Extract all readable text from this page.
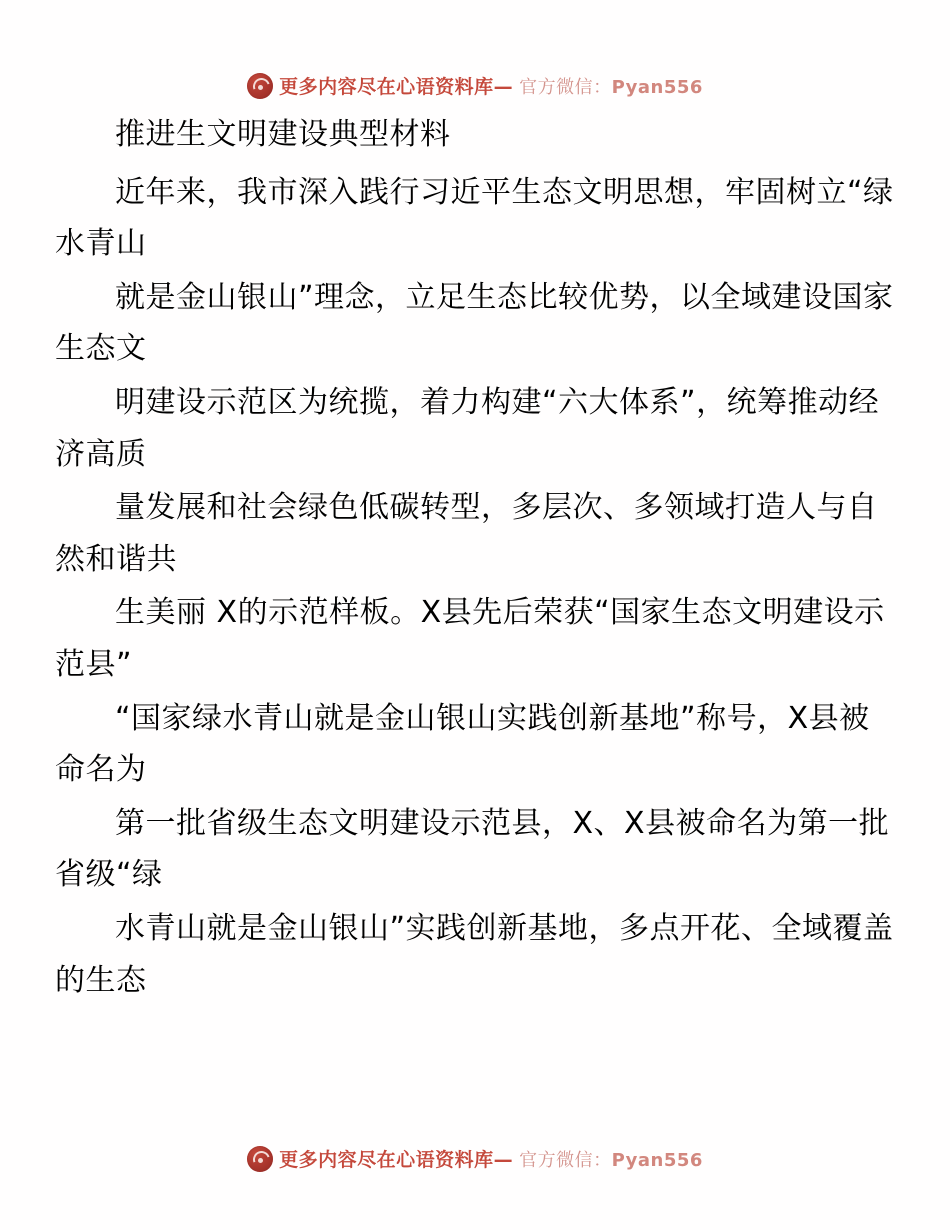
更多内容尽在心语资料库— 官方微信：Pyan556

推进生文明建设典型材料

近年来，我市深入践行习近平生态文明思想，牢固树立“绿水青山

就是金山银山”理念，立足生态比较优势，以全域建设国家生态文

明建设示范区为统揽，着力构建“六大体系”，统筹推动经济高质

量发展和社会绿色低碳转型，多层次、多领域打造人与自然和谐共

生美丽 X的示范样板。X县先后荣获“国家生态文明建设示范县”

“国家绿水青山就是金山银山实践创新基地”称号，X县被命名为

第一批省级生态文明建设示范县，X、X县被命名为第一批省级“绿

水青山就是金山银山”实践创新基地，多点开花、全域覆盖的生态

更多内容尽在心语资料库— 官方微信：Pyan556
